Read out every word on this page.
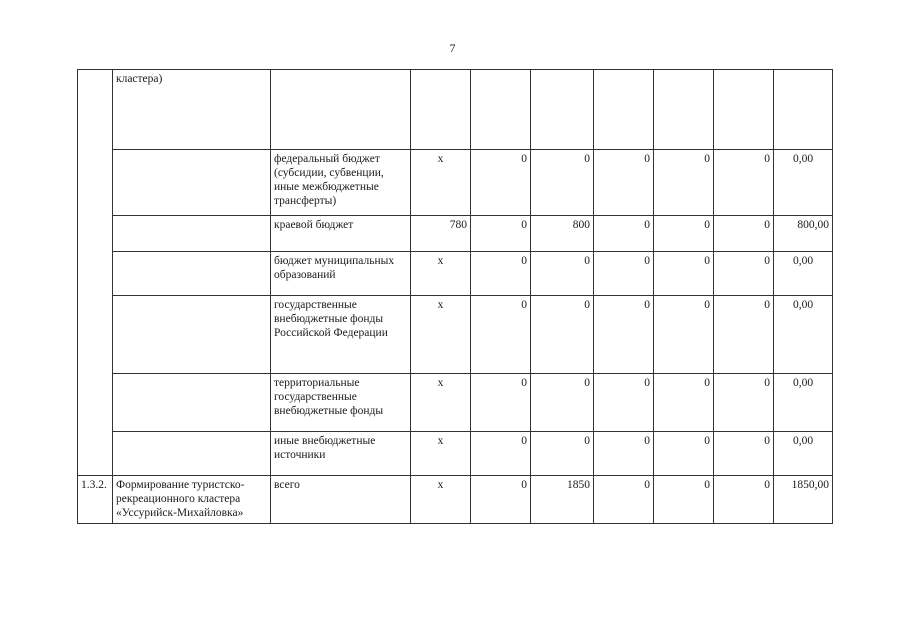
7
	кластера)								
		федеральный бюджет (субсидии, субвенции, иные межбюджетные трансферты)	x	0	0	0	0	0	0,00
		краевой бюджет	780	0	800	0	0	0	800,00
		бюджет муниципальных образований	x	0	0	0	0	0	0,00
		государственные внебюджетные фонды Российской Федерации	x	0	0	0	0	0	0,00
		территориальные государственные внебюджетные фонды	x	0	0	0	0	0	0,00
		иные внебюджетные источники	x	0	0	0	0	0	0,00
1.3.2.	Формирование туристско-рекреационного кластера «Уссурийск-Михайловка»	всего	x	0	1850	0	0	0	1850,00
